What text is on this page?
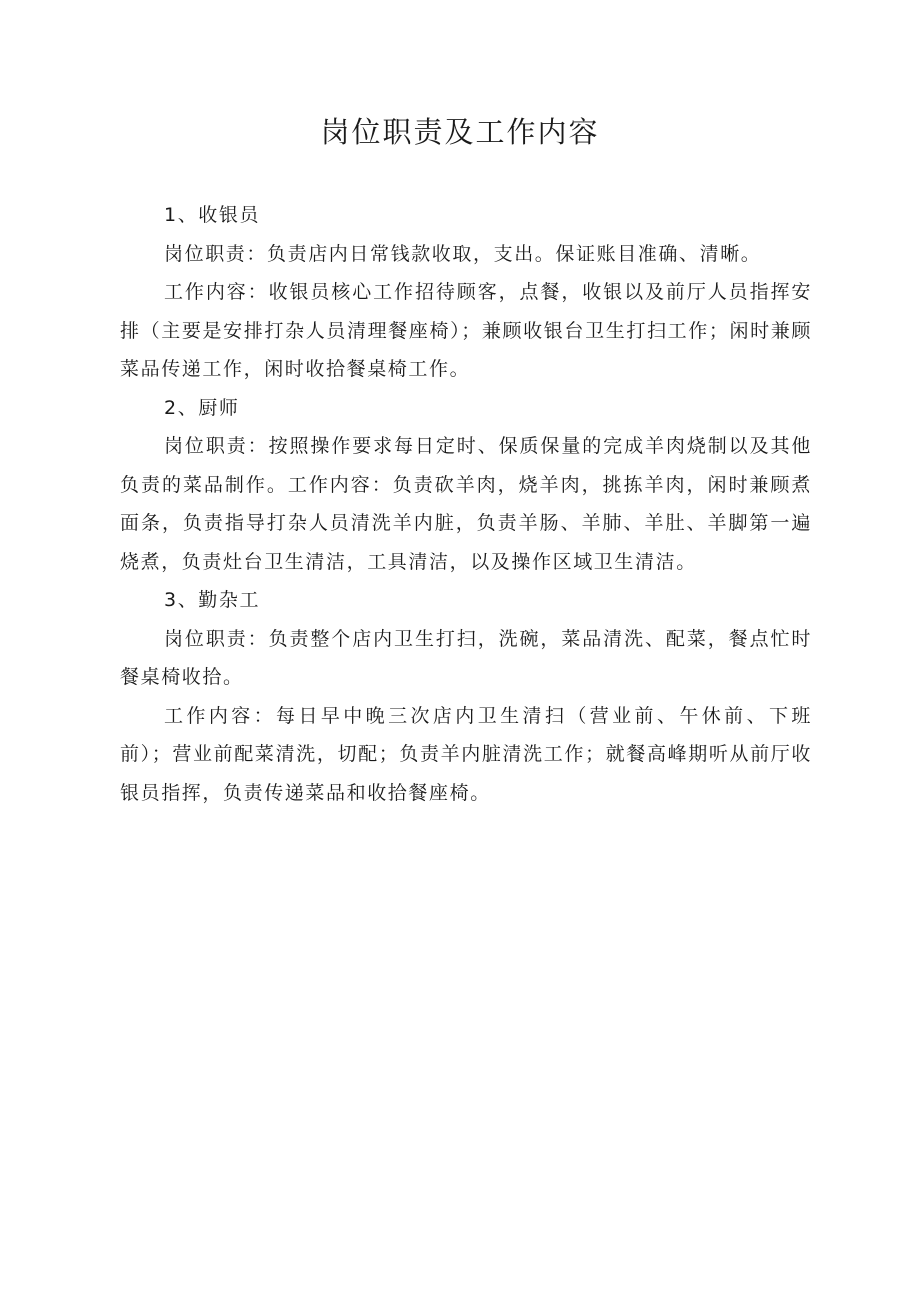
岗位职责及工作内容
1、收银员

岗位职责：负责店内日常钱款收取，支出。保证账目准确、清晰。

工作内容：收银员核心工作招待顾客，点餐，收银以及前厅人员指挥安排（主要是安排打杂人员清理餐座椅）；兼顾收银台卫生打扫工作；闲时兼顾菜品传递工作，闲时收拾餐桌椅工作。

2、厨师

岗位职责：按照操作要求每日定时、保质保量的完成羊肉烧制以及其他负责的菜品制作。工作内容：负责砍羊肉，烧羊肉，挑拣羊肉，闲时兼顾煮面条，负责指导打杂人员清洗羊内脏，负责羊肠、羊肺、羊肚、羊脚第一遍烧煮，负责灶台卫生清洁，工具清洁，以及操作区域卫生清洁。

3、勤杂工

岗位职责：负责整个店内卫生打扫，洗碗，菜品清洗、配菜，餐点忙时餐桌椅收拾。

工作内容：每日早中晚三次店内卫生清扫（营业前、午休前、下班前）；营业前配菜清洗，切配；负责羊内脏清洗工作；就餐高峰期听从前厅收银员指挥，负责传递菜品和收拾餐座椅。
